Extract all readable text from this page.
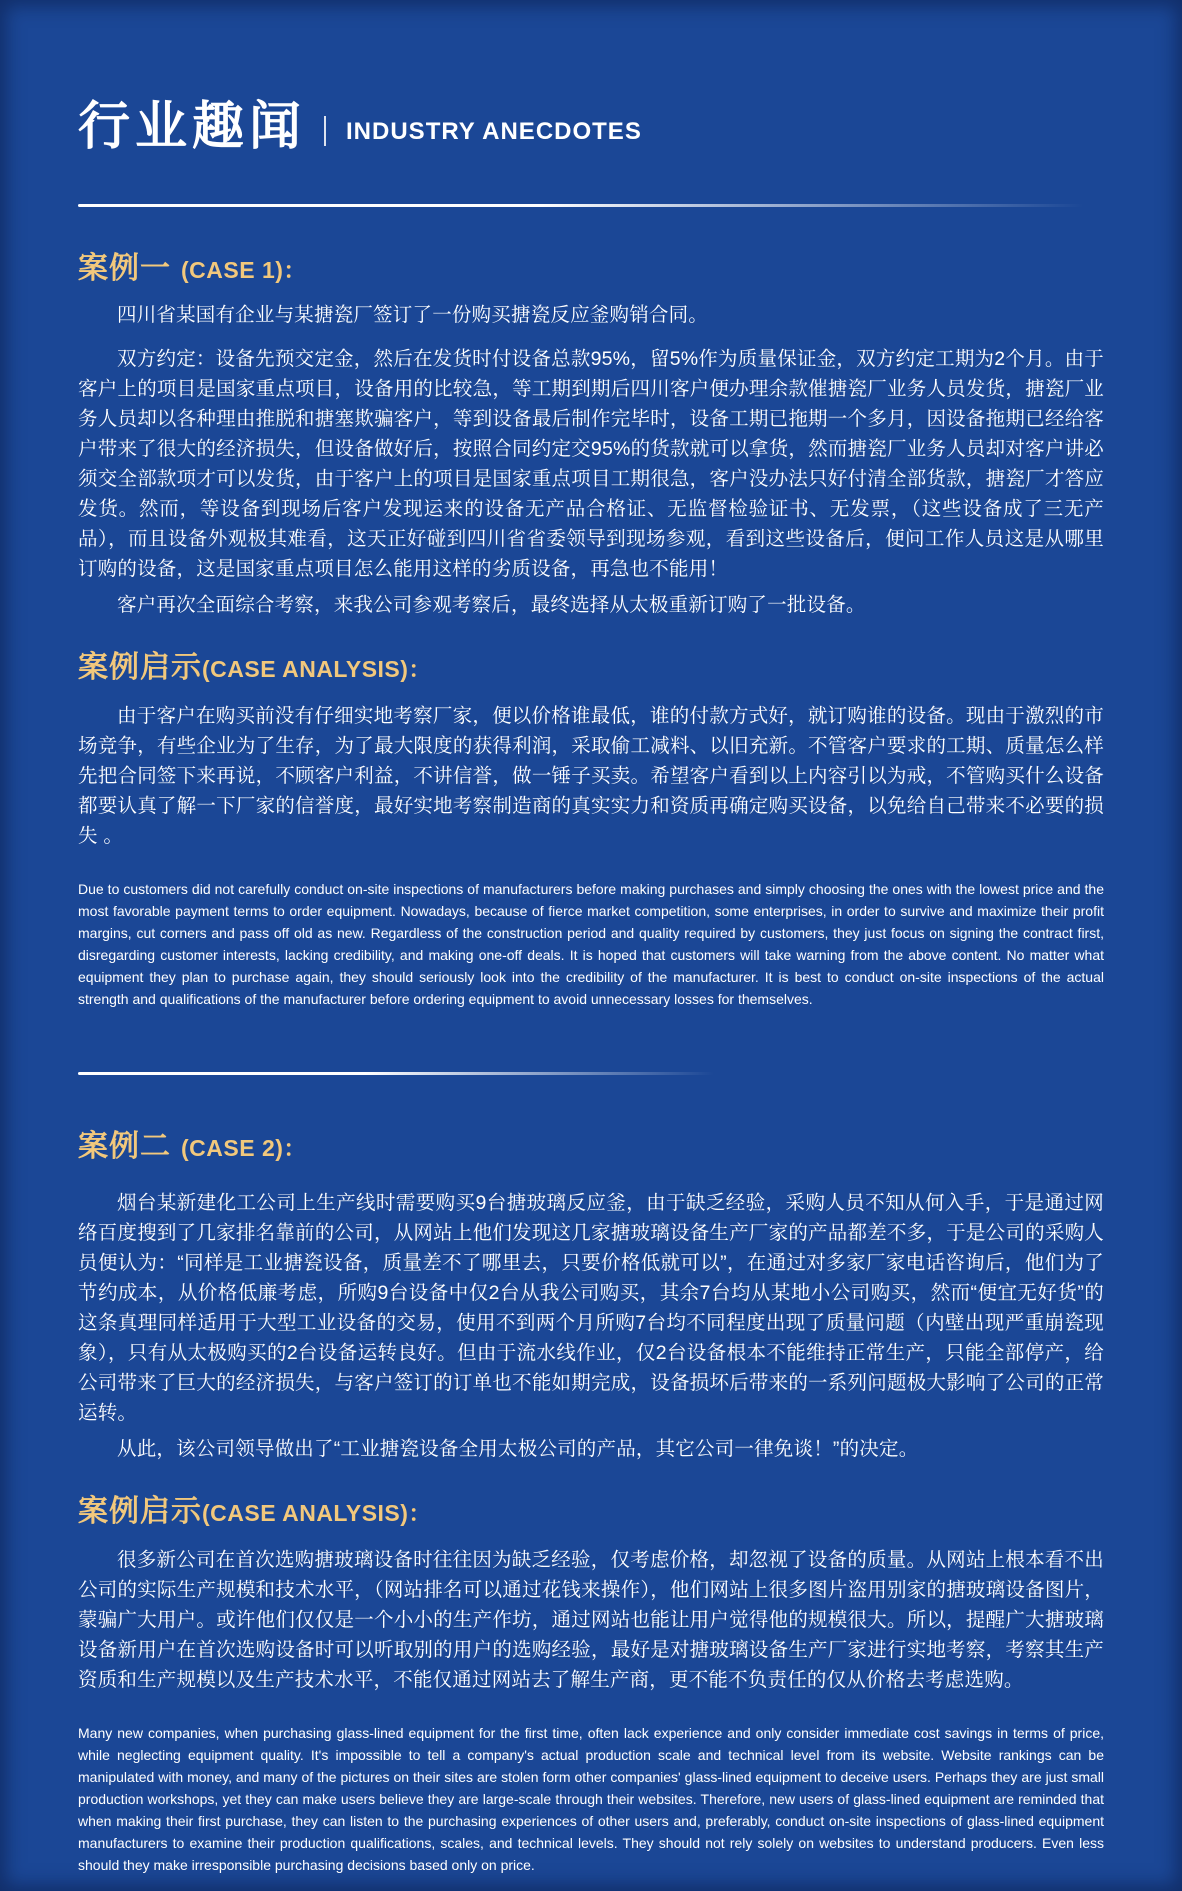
行业趣闻 INDUSTRY ANECDOTES
案例一 (CASE 1)：

四川省某国有企业与某搪瓷厂签订了一份购买搪瓷反应釜购销合同。

双方约定：设备先预交定金，然后在发货时付设备总款95%，留5%作为质量保证金，双方约定工期为2个月。由于客户上的项目是国家重点项目，设备用的比较急，等工期到期后四川客户便办理余款催搪瓷厂业务人员发货，搪瓷厂业务人员却以各种理由推脱和搪塞欺骗客户，等到设备最后制作完毕时，设备工期已拖期一个多月，因设备拖期已经给客户带来了很大的经济损失，但设备做好后，按照合同约定交95%的货款就可以拿货，然而搪瓷厂业务人员却对客户讲必须交全部款项才可以发货，由于客户上的项目是国家重点项目工期很急，客户没办法只好付清全部货款，搪瓷厂才答应发货。然而，等设备到现场后客户发现运来的设备无产品合格证、无监督检验证书、无发票，（这些设备成了三无产品），而且设备外观极其难看，这天正好碰到四川省省委领导到现场参观，看到这些设备后，便问工作人员这是从哪里订购的设备，这是国家重点项目怎么能用这样的劣质设备，再急也不能用！

客户再次全面综合考察，来我公司参观考察后，最终选择从太极重新订购了一批设备。

案例启示(CASE ANALYSIS)：

由于客户在购买前没有仔细实地考察厂家，便以价格谁最低，谁的付款方式好，就订购谁的设备。现由于激烈的市场竞争，有些企业为了生存，为了最大限度的获得利润，采取偷工减料、以旧充新。不管客户要求的工期、质量怎么样先把合同签下来再说，不顾客户利益，不讲信誉，做一锤子买卖。希望客户看到以上内容引以为戒，不管购买什么设备都要认真了解一下厂家的信誉度，最好实地考察制造商的真实实力和资质再确定购买设备，以免给自己带来不必要的损失 。

Due to customers did not carefully conduct on-site inspections of manufacturers before making purchases and simply choosing the ones with the lowest price and the most favorable payment terms to order equipment. Nowadays, because of fierce market competition, some enterprises, in order to survive and maximize their profit margins, cut corners and pass off old as new. Regardless of the construction period and quality required by customers, they just focus on signing the contract first, disregarding customer interests, lacking credibility, and making one-off deals. It is hoped that customers will take warning from the above content. No matter what equipment they plan to purchase again, they should seriously look into the credibility of the manufacturer. It is best to conduct on-site inspections of the actual strength and qualifications of the manufacturer before ordering equipment to avoid unnecessary losses for themselves.

案例二 (CASE 2)：

烟台某新建化工公司上生产线时需要购买9台搪玻璃反应釜，由于缺乏经验，采购人员不知从何入手，于是通过网络百度搜到了几家排名靠前的公司，从网站上他们发现这几家搪玻璃设备生产厂家的产品都差不多，于是公司的采购人员便认为：“同样是工业搪瓷设备，质量差不了哪里去，只要价格低就可以”，在通过对多家厂家电话咨询后，他们为了节约成本，从价格低廉考虑，所购9台设备中仅2台从我公司购买，其余7台均从某地小公司购买，然而“便宜无好货”的这条真理同样适用于大型工业设备的交易，使用不到两个月所购7台均不同程度出现了质量问题（内壁出现严重崩瓷现象），只有从太极购买的2台设备运转良好。但由于流水线作业，仅2台设备根本不能维持正常生产，只能全部停产，给公司带来了巨大的经济损失，与客户签订的订单也不能如期完成，设备损坏后带来的一系列问题极大影响了公司的正常运转。

从此，该公司领导做出了“工业搪瓷设备全用太极公司的产品，其它公司一律免谈！”的决定。

案例启示(CASE ANALYSIS)：

很多新公司在首次选购搪玻璃设备时往往因为缺乏经验，仅考虑价格，却忽视了设备的质量。从网站上根本看不出公司的实际生产规模和技术水平，（网站排名可以通过花钱来操作），他们网站上很多图片盗用别家的搪玻璃设备图片，蒙骗广大用户。或许他们仅仅是一个小小的生产作坊，通过网站也能让用户觉得他的规模很大。所以，提醒广大搪玻璃设备新用户在首次选购设备时可以听取别的用户的选购经验，最好是对搪玻璃设备生产厂家进行实地考察，考察其生产资质和生产规模以及生产技术水平，不能仅通过网站去了解生产商，更不能不负责任的仅从价格去考虑选购。

Many new companies, when purchasing glass-lined equipment for the first time, often lack experience and only consider immediate cost savings in terms of price, while neglecting equipment quality. It's impossible to tell a company's actual production scale and technical level from its website. Website rankings can be manipulated with money, and many of the pictures on their sites are stolen form other companies' glass-lined equipment to deceive users. Perhaps they are just small production workshops, yet they can make users believe they are large-scale through their websites. Therefore, new users of glass-lined equipment are reminded that when making their first purchase, they can listen to the purchasing experiences of other users and, preferably, conduct on-site inspections of glass-lined equipment manufacturers to examine their production qualifications, scales, and technical levels. They should not rely solely on websites to understand producers. Even less should they make irresponsible purchasing decisions based only on price.
